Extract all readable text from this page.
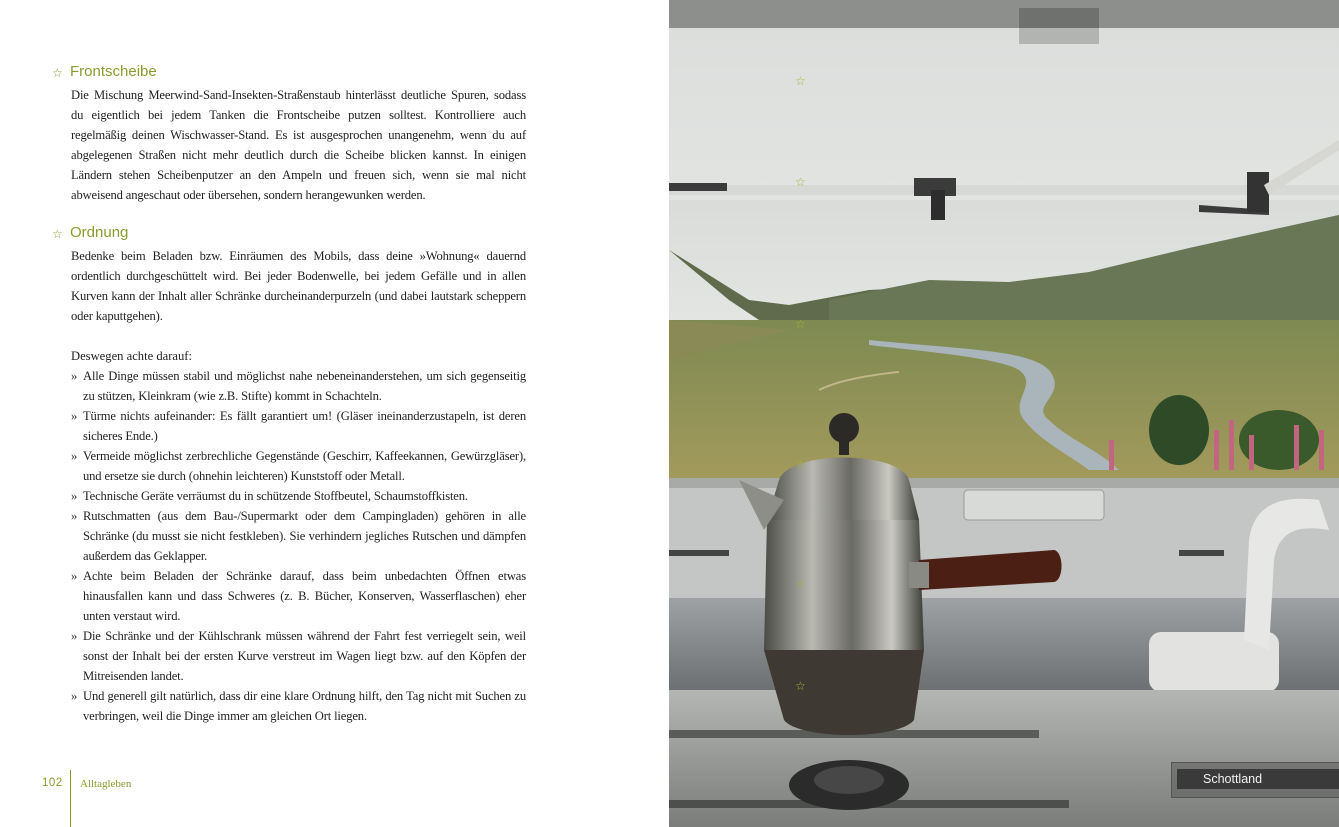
☆ Frontscheibe

Die Mischung Meerwind-Sand-Insekten-Straßenstaub hinterlässt deutliche Spuren, sodass du eigentlich bei jedem Tanken die Frontscheibe putzen solltest. Kontrolliere auch regelmäßig deinen Wischwasser-Stand. Es ist ausgesprochen unangenehm, wenn du auf abgelegenen Straßen nicht mehr deutlich durch die Scheibe blicken kannst. In einigen Ländern stehen Scheibenputzer an den Ampeln und freuen sich, wenn sie mal nicht abweisend angeschaut oder übersehen, sondern herangewunken werden.

☆ Ordnung

Bedenke beim Beladen bzw. Einräumen des Mobils, dass deine »Wohnung« dauernd ordentlich durchgeschüttelt wird. Bei jeder Bodenwelle, bei jedem Gefälle und in allen Kurven kann der Inhalt aller Schränke durcheinanderpurzeln (und dabei lautstark scheppern oder kaputtgehen).

Deswegen achte darauf:

» Alle Dinge müssen stabil und möglichst nahe nebeneinanderstehen, um sich gegenseitig zu stützen, Kleinkram (wie z.B. Stifte) kommt in Schachteln.
» Türme nichts aufeinander: Es fällt garantiert um! (Gläser ineinanderzustapeln, ist deren sicheres Ende.)
» Vermeide möglichst zerbrechliche Gegenstände (Geschirr, Kaffeekannen, Gewürzgläser), und ersetze sie durch (ohnehin leichteren) Kunststoff oder Metall.
» Technische Geräte verräumst du in schützende Stoffbeutel, Schaumstoffkisten.
» Rutschmatten (aus dem Bau-/Supermarkt oder dem Campingladen) gehören in alle Schränke (du musst sie nicht festkleben). Sie verhindern jegliches Rutschen und dämpfen außerdem das Geklapper.
» Achte beim Beladen der Schränke darauf, dass beim unbedachten Öffnen etwas hinausfallen kann und dass Schweres (z. B. Bücher, Konserven, Wasserflaschen) eher unten verstaut wird.
» Die Schränke und der Kühlschrank müssen während der Fahrt fest verriegelt sein, weil sonst der Inhalt bei der ersten Kurve verstreut im Wagen liegt bzw. auf den Köpfen der Mitreisenden landet.
» Und generell gilt natürlich, dass dir eine klare Ordnung hilft, den Tag nicht mit Suchen zu verbringen, weil die Dinge immer am gleichen Ort liegen.
102	Alltagleben
☆
☆
☆
☆
☆
☆
Schottland
